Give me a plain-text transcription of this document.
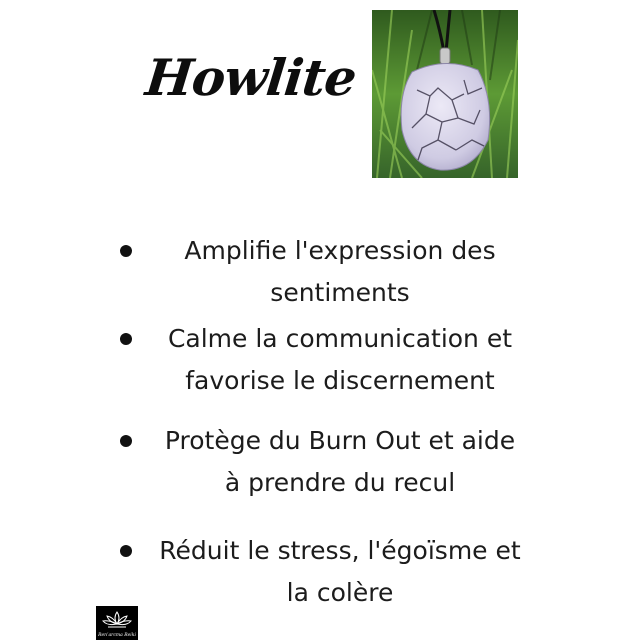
Howlite
Amplifie l'expression des
sentiments
Calme la communication et
favorise le discernement
Protège du Burn Out et aide
à prendre du recul
Réduit le stress, l'égoïsme et
la colère
Ren’arcma Reiki
